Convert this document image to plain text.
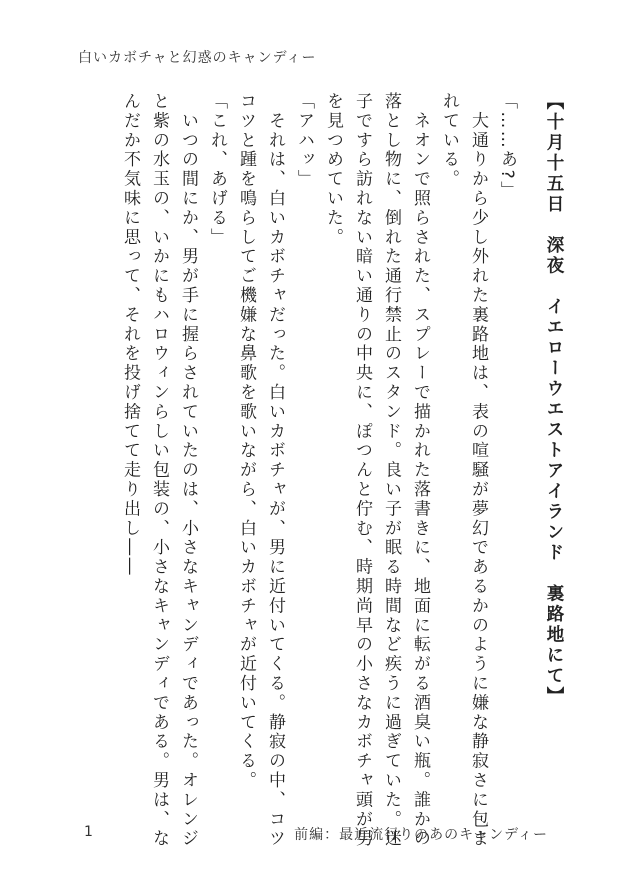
白いカボチャと幻惑のキャンディー
【十月十五日　深夜　イエローウエストアイランド　裏路地にて】
「……あ?」
　大通りから少し外れた裏路地は、表の喧騒が夢幻であるかのように嫌な静寂さに包ま
れている。
　ネオンで照らされた、スプレーで描かれた落書きに、地面に転がる酒臭い瓶。誰かの
落とし物に、倒れた通行禁止のスタンド。良い子が眠る時間など疾うに過ぎていた。迷
子ですら訪れない暗い通りの中央に、ぽつんと佇む、時期尚早の小さなカボチャ頭が男
を見つめていた。
「アハッ」
　それは、白いカボチャだった。白いカボチャが、男に近付いてくる。静寂の中、コツ
コツと踵を鳴らしてご機嫌な鼻歌を歌いながら、白いカボチャが近付いてくる。
「これ、あげる」
　いつの間にか、男が手に握らされていたのは、小さなキャンディであった。オレンジ
と紫の水玉の、いかにもハロウィンらしい包装の、小さなキャンディである。男は、な
んだか不気味に思って、それを投げ捨てて走り出し――
1	前編：最近流行りのあのキャンディー
